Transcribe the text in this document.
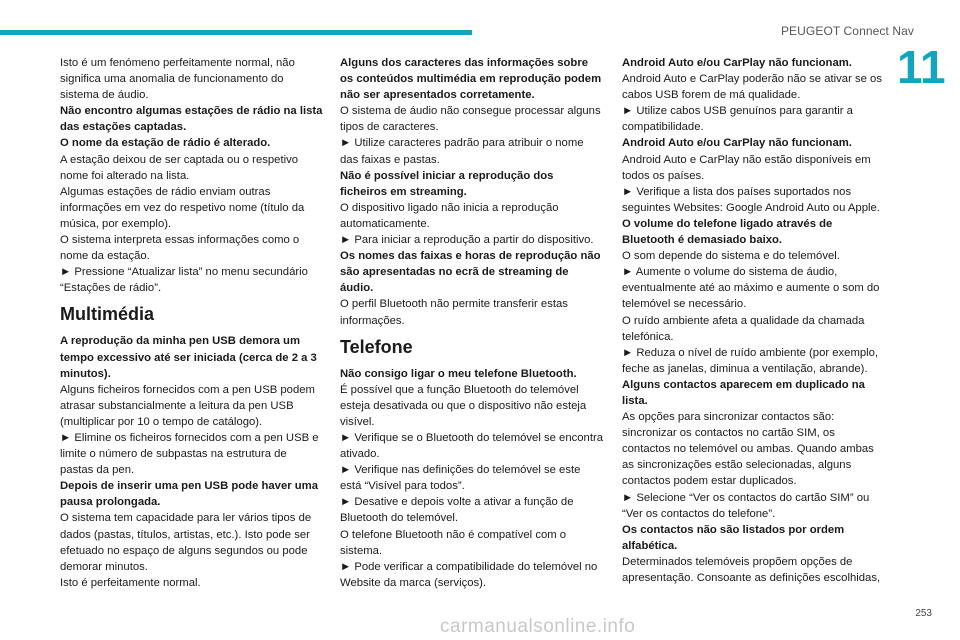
PEUGEOT Connect Nav
11

Isto é um fenómeno perfeitamente normal, não significa uma anomalia de funcionamento do sistema de áudio.

Não encontro algumas estações de rádio na lista das estações captadas.

O nome da estação de rádio é alterado.

A estação deixou de ser captada ou o respetivo nome foi alterado na lista.

Algumas estações de rádio enviam outras informações em vez do respetivo nome (título da música, por exemplo).

O sistema interpreta essas informações como o nome da estação.

► Pressione “Atualizar lista” no menu secundário “Estações de rádio”.

Multimédia

A reprodução da minha pen USB demora um tempo excessivo até ser iniciada (cerca de 2 a 3 minutos).

Alguns ficheiros fornecidos com a pen USB podem atrasar substancialmente a leitura da pen USB (multiplicar por 10 o tempo de catálogo).

► Elimine os ficheiros fornecidos com a pen USB e limite o número de subpastas na estrutura de pastas da pen.

Depois de inserir uma pen USB pode haver uma pausa prolongada.

O sistema tem capacidade para ler vários tipos de dados (pastas, títulos, artistas, etc.). Isto pode ser efetuado no espaço de alguns segundos ou pode demorar minutos.

Isto é perfeitamente normal.

Alguns dos caracteres das informações sobre os conteúdos multimédia em reprodução podem não ser apresentados corretamente.

O sistema de áudio não consegue processar alguns tipos de caracteres.

► Utilize caracteres padrão para atribuir o nome das faixas e pastas.

Não é possível iniciar a reprodução dos ficheiros em streaming.

O dispositivo ligado não inicia a reprodução automaticamente.

► Para iniciar a reprodução a partir do dispositivo.

Os nomes das faixas e horas de reprodução não são apresentadas no ecrã de streaming de áudio.

O perfil Bluetooth não permite transferir estas informações.

Telefone

Não consigo ligar o meu telefone Bluetooth.

É possível que a função Bluetooth do telemóvel esteja desativada ou que o dispositivo não esteja visível.

► Verifique se o Bluetooth do telemóvel se encontra ativado.

► Verifique nas definições do telemóvel se este está “Visível para todos”.

► Desative e depois volte a ativar a função de Bluetooth do telemóvel.

O telefone Bluetooth não é compatível com o sistema.

► Pode verificar a compatibilidade do telemóvel no Website da marca (serviços).

Android Auto e/ou CarPlay não funcionam.

Android Auto e CarPlay poderão não se ativar se os cabos USB forem de má qualidade.

► Utilize cabos USB genuínos para garantir a compatibilidade.

Android Auto e/ou CarPlay não funcionam.

Android Auto e CarPlay não estão disponíveis em todos os países.

► Verifique a lista dos países suportados nos seguintes Websites: Google Android Auto ou Apple.

O volume do telefone ligado através de Bluetooth é demasiado baixo.

O som depende do sistema e do telemóvel.

► Aumente o volume do sistema de áudio, eventualmente até ao máximo e aumente o som do telemóvel se necessário.

O ruído ambiente afeta a qualidade da chamada telefónica.

► Reduza o nível de ruído ambiente (por exemplo, feche as janelas, diminua a ventilação, abrande).

Alguns contactos aparecem em duplicado na lista.

As opções para sincronizar contactos são: sincronizar os contactos no cartão SIM, os contactos no telemóvel ou ambas. Quando ambas as sincronizações estão selecionadas, alguns contactos podem estar duplicados.

► Selecione “Ver os contactos do cartão SIM” ou “Ver os contactos do telefone”.

Os contactos não são listados por ordem alfabética.

Determinados telemóveis propõem opções de apresentação. Consoante as definições escolhidas,

253
carmanualsonline.info
